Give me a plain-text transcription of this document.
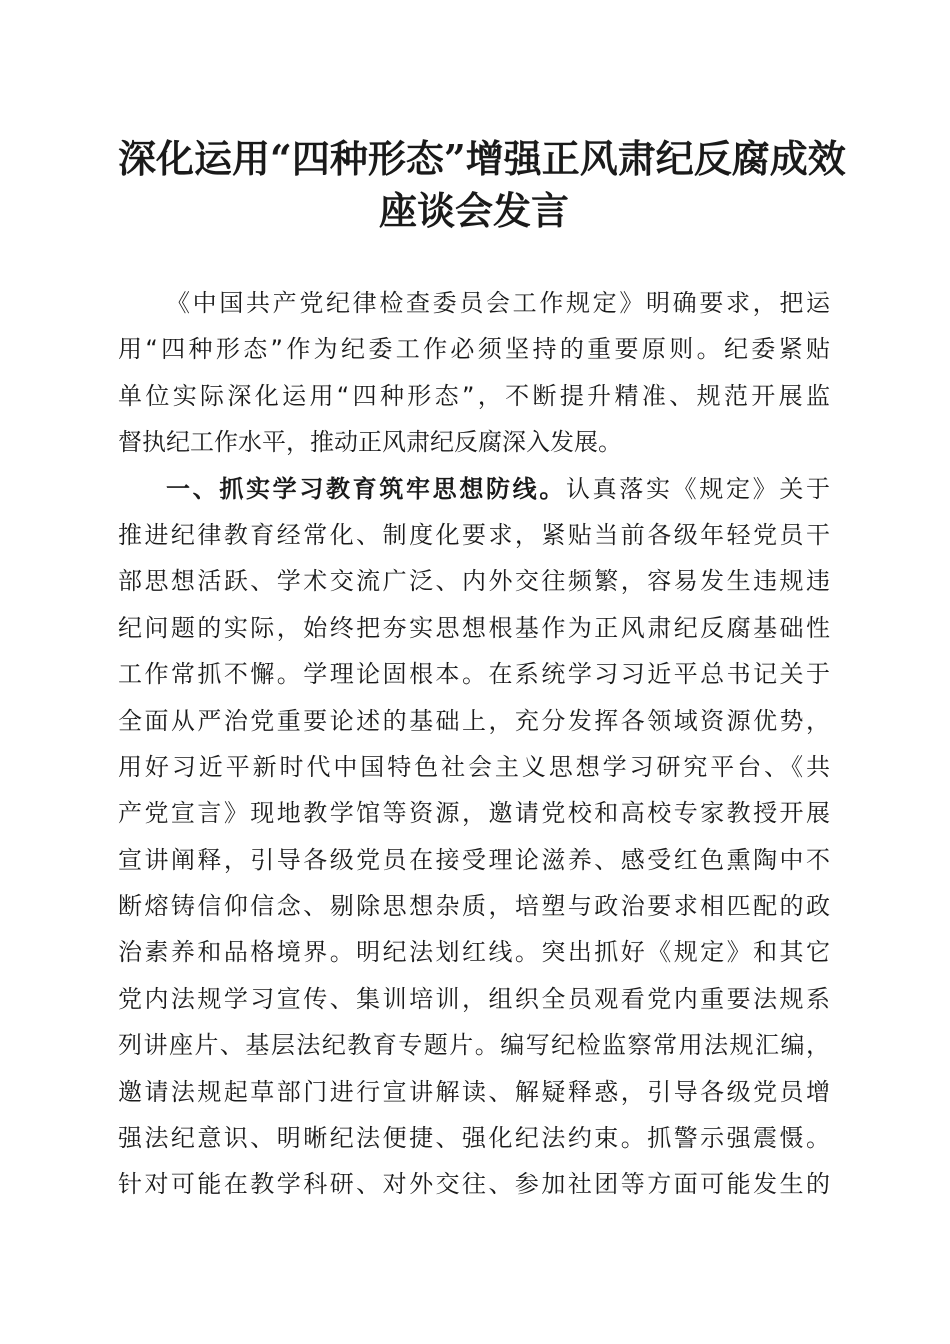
深化运用“四种形态”增强正风肃纪反腐成效
座谈会发言
《中国共产党纪律检查委员会工作规定》明确要求，把运
用“四种形态”作为纪委工作必须坚持的重要原则。纪委紧贴
单位实际深化运用“四种形态”，不断提升精准、规范开展监
督执纪工作水平，推动正风肃纪反腐深入发展。
一、抓实学习教育筑牢思想防线。认真落实《规定》关于
推进纪律教育经常化、制度化要求，紧贴当前各级年轻党员干
部思想活跃、学术交流广泛、内外交往频繁，容易发生违规违
纪问题的实际，始终把夯实思想根基作为正风肃纪反腐基础性
工作常抓不懈。学理论固根本。在系统学习习近平总书记关于
全面从严治党重要论述的基础上，充分发挥各领域资源优势，
用好习近平新时代中国特色社会主义思想学习研究平台、《共
产党宣言》现地教学馆等资源，邀请党校和高校专家教授开展
宣讲阐释，引导各级党员在接受理论滋养、感受红色熏陶中不
断熔铸信仰信念、剔除思想杂质，培塑与政治要求相匹配的政
治素养和品格境界。明纪法划红线。突出抓好《规定》和其它
党内法规学习宣传、集训培训，组织全员观看党内重要法规系
列讲座片、基层法纪教育专题片。编写纪检监察常用法规汇编，
邀请法规起草部门进行宣讲解读、解疑释惑，引导各级党员增
强法纪意识、明晰纪法便捷、强化纪法约束。抓警示强震慑。
针对可能在教学科研、对外交往、参加社团等方面可能发生的
